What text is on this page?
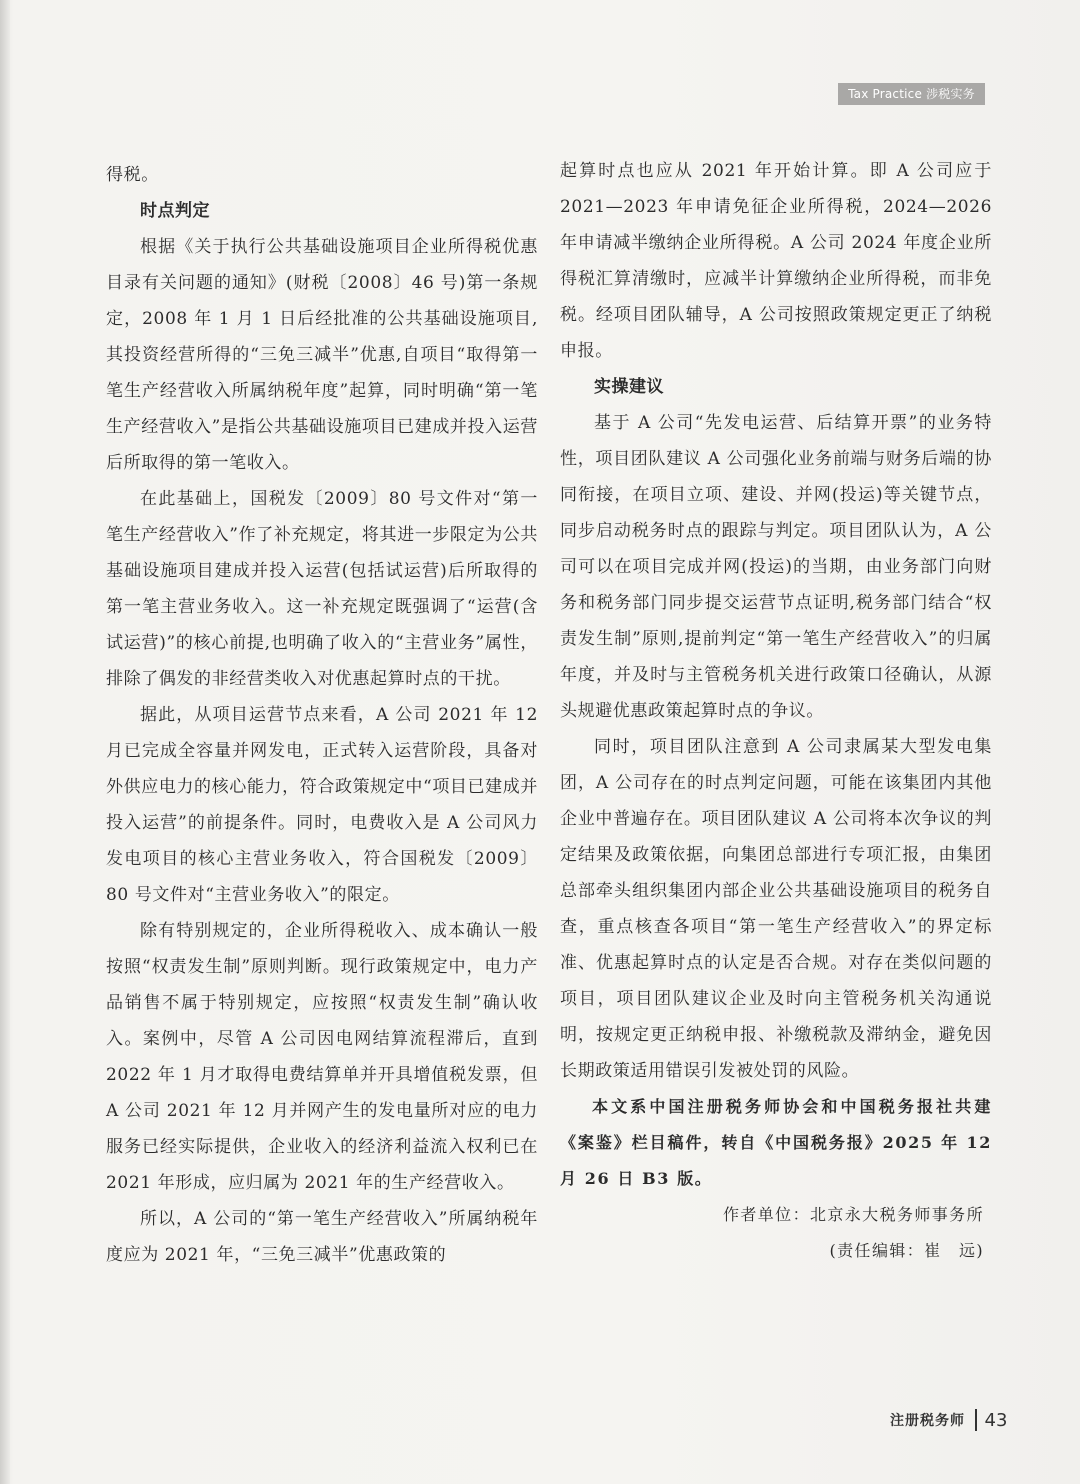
Tax Practice 涉税实务

得税。

时点判定

根据《关于执行公共基础设施项目企业所得税优惠目录有关问题的通知》(财税〔2008〕46 号)第一条规定，2008 年 1 月 1 日后经批准的公共基础设施项目,其投资经营所得的“三免三减半”优惠,自项目“取得第一笔生产经营收入所属纳税年度”起算，同时明确“第一笔生产经营收入”是指公共基础设施项目已建成并投入运营后所取得的第一笔收入。

在此基础上，国税发〔2009〕80 号文件对“第一笔生产经营收入”作了补充规定，将其进一步限定为公共基础设施项目建成并投入运营(包括试运营)后所取得的第一笔主营业务收入。这一补充规定既强调了“运营(含试运营)”的核心前提,也明确了收入的“主营业务”属性，排除了偶发的非经营类收入对优惠起算时点的干扰。

据此，从项目运营节点来看，A 公司 2021 年 12 月已完成全容量并网发电，正式转入运营阶段，具备对外供应电力的核心能力，符合政策规定中“项目已建成并投入运营”的前提条件。同时，电费收入是 A 公司风力发电项目的核心主营业务收入，符合国税发〔2009〕80 号文件对“主营业务收入”的限定。

除有特别规定的，企业所得税收入、成本确认一般按照“权责发生制”原则判断。现行政策规定中，电力产品销售不属于特别规定，应按照“权责发生制”确认收入。案例中，尽管 A 公司因电网结算流程滞后，直到 2022 年 1 月才取得电费结算单并开具增值税发票，但 A 公司 2021 年 12 月并网产生的发电量所对应的电力服务已经实际提供，企业收入的经济利益流入权利已在 2021 年形成，应归属为 2021 年的生产经营收入。

所以，A 公司的“第一笔生产经营收入”所属纳税年度应为 2021 年，“三免三减半”优惠政策的

起算时点也应从 2021 年开始计算。即 A 公司应于 2021—2023 年申请免征企业所得税，2024—2026 年申请减半缴纳企业所得税。A 公司 2024 年度企业所得税汇算清缴时，应减半计算缴纳企业所得税，而非免税。经项目团队辅导，A 公司按照政策规定更正了纳税申报。

实操建议

基于 A 公司“先发电运营、后结算开票”的业务特性，项目团队建议 A 公司强化业务前端与财务后端的协同衔接，在项目立项、建设、并网(投运)等关键节点，同步启动税务时点的跟踪与判定。项目团队认为，A 公司可以在项目完成并网(投运)的当期，由业务部门向财务和税务部门同步提交运营节点证明,税务部门结合“权责发生制”原则,提前判定“第一笔生产经营收入”的归属年度，并及时与主管税务机关进行政策口径确认，从源头规避优惠政策起算时点的争议。

同时，项目团队注意到 A 公司隶属某大型发电集团，A 公司存在的时点判定问题，可能在该集团内其他企业中普遍存在。项目团队建议 A 公司将本次争议的判定结果及政策依据，向集团总部进行专项汇报，由集团总部牵头组织集团内部企业公共基础设施项目的税务自查，重点核查各项目“第一笔生产经营收入”的界定标准、优惠起算时点的认定是否合规。对存在类似问题的项目，项目团队建议企业及时向主管税务机关沟通说明，按规定更正纳税申报、补缴税款及滞纳金，避免因长期政策适用错误引发被处罚的风险。

本文系中国注册税务师协会和中国税务报社共建《案鉴》栏目稿件，转自《中国税务报》2025 年 12 月 26 日 B3 版。

作者单位：北京永大税务师事务所

(责任编辑：崔　远)

注册税务师 43
